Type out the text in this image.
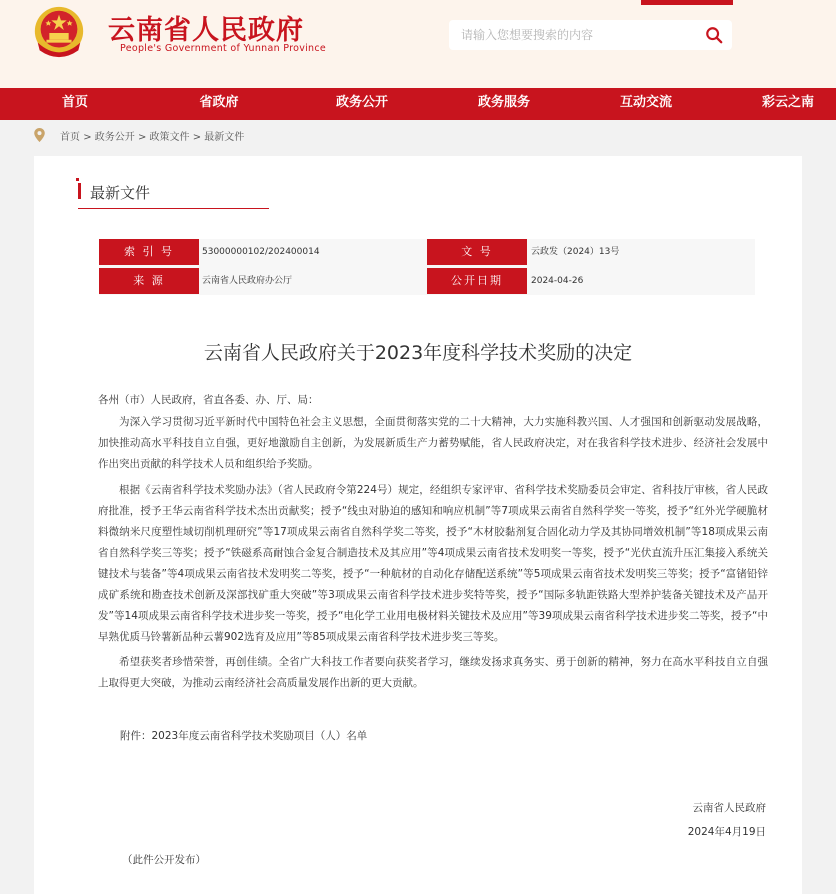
云南省人民政府
People's Government of Yunnan Province
请输入您想要搜索的内容
首页	省政府	政务公开	政务服务	互动交流	彩云之南
首页 > 政务公开 > 政策文件 > 最新文件
最新文件
索 引 号	53000000102/202400014	文 号	云政发（2024）13号
来 源	云南省人民政府办公厅	公开日期	2024-04-26
云南省人民政府关于2023年度科学技术奖励的决定
各州（市）人民政府，省直各委、办、厅、局：

为深入学习贯彻习近平新时代中国特色社会主义思想，全面贯彻落实党的二十大精神，大力实施科教兴国、人才强国和创新驱动发展战略，加快推动高水平科技自立自强，更好地激励自主创新，为发展新质生产力蓄势赋能，省人民政府决定，对在我省科学技术进步、经济社会发展中作出突出贡献的科学技术人员和组织给予奖励。

根据《云南省科学技术奖励办法》（省人民政府令第224号）规定，经组织专家评审、省科学技术奖励委员会审定、省科技厅审核，省人民政府批准，授予王华云南省科学技术杰出贡献奖；授予“线虫对胁迫的感知和响应机制”等7项成果云南省自然科学奖一等奖，授予“红外光学硬脆材料微纳米尺度塑性域切削机理研究”等17项成果云南省自然科学奖二等奖，授予“木材胶黏剂复合固化动力学及其协同增效机制”等18项成果云南省自然科学奖三等奖；授予“铁磁系高耐蚀合金复合制造技术及其应用”等4项成果云南省技术发明奖一等奖，授予“光伏直流升压汇集接入系统关键技术与装备”等4项成果云南省技术发明奖二等奖，授予“一种航材的自动化存储配送系统”等5项成果云南省技术发明奖三等奖；授予“富锗铅锌成矿系统和勘查技术创新及深部找矿重大突破”等3项成果云南省科学技术进步奖特等奖，授予“国际多轨距铁路大型养护装备关键技术及产品开发”等14项成果云南省科学技术进步奖一等奖，授予“电化学工业用电极材料关键技术及应用”等39项成果云南省科学技术进步奖二等奖，授予“中早熟优质马铃薯新品种云薯902选育及应用”等85项成果云南省科学技术进步奖三等奖。

希望获奖者珍惜荣誉，再创佳绩。全省广大科技工作者要向获奖者学习，继续发扬求真务实、勇于创新的精神，努力在高水平科技自立自强上取得更大突破，为推动云南经济社会高质量发展作出新的更大贡献。

附件：2023年度云南省科学技术奖励项目（人）名单
云南省人民政府
2024年4月19日
（此件公开发布）
